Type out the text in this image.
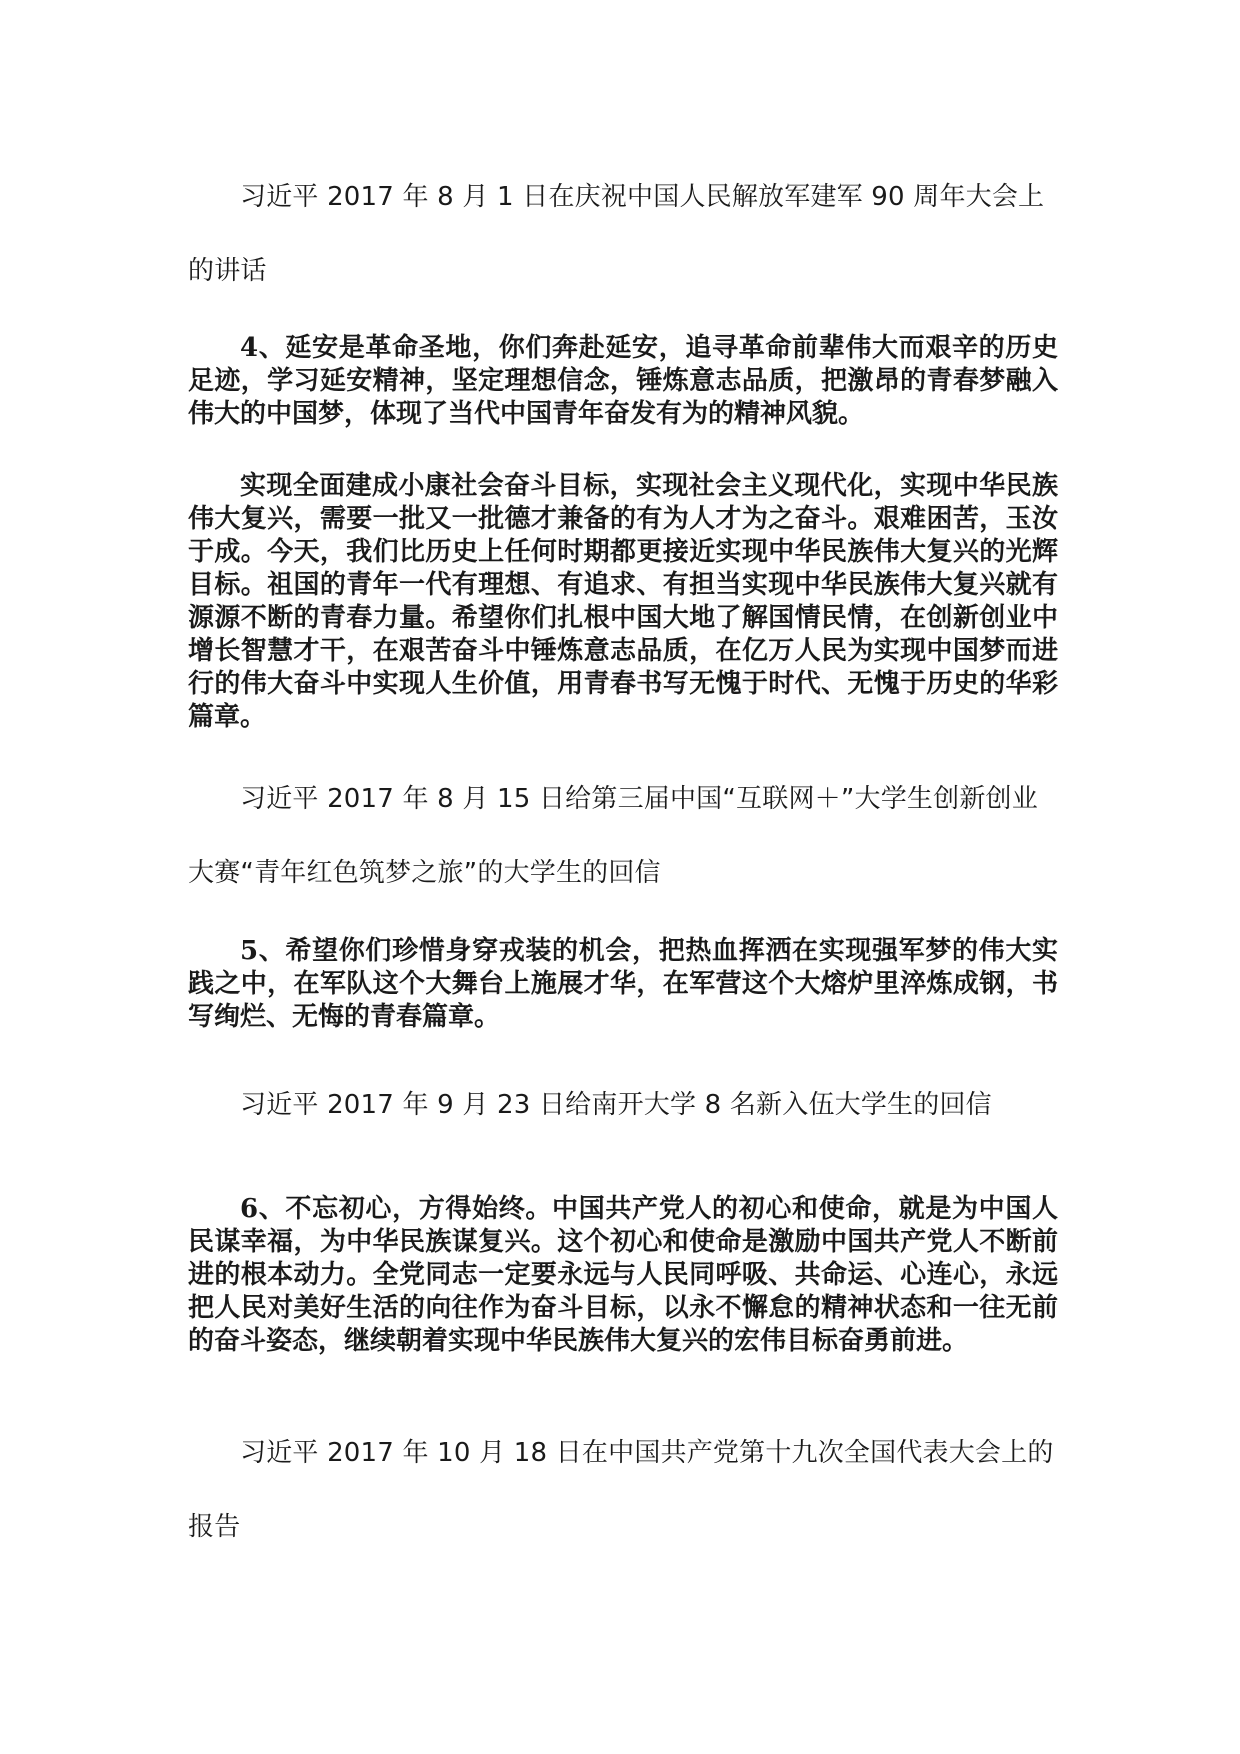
习近平 2017 年 8 月 1 日在庆祝中国人民解放军建军 90 周年大会上的讲话

4、延安是革命圣地，你们奔赴延安，追寻革命前辈伟大而艰辛的历史足迹，学习延安精神，坚定理想信念，锤炼意志品质，把激昂的青春梦融入伟大的中国梦，体现了当代中国青年奋发有为的精神风貌。

实现全面建成小康社会奋斗目标，实现社会主义现代化，实现中华民族伟大复兴，需要一批又一批德才兼备的有为人才为之奋斗。艰难困苦，玉汝于成。今天，我们比历史上任何时期都更接近实现中华民族伟大复兴的光辉目标。祖国的青年一代有理想、有追求、有担当实现中华民族伟大复兴就有源源不断的青春力量。希望你们扎根中国大地了解国情民情，在创新创业中增长智慧才干，在艰苦奋斗中锤炼意志品质，在亿万人民为实现中国梦而进行的伟大奋斗中实现人生价值，用青春书写无愧于时代、无愧于历史的华彩篇章。

习近平 2017 年 8 月 15 日给第三届中国“互联网＋”大学生创新创业大赛“青年红色筑梦之旅”的大学生的回信

5、希望你们珍惜身穿戎装的机会，把热血挥洒在实现强军梦的伟大实践之中，在军队这个大舞台上施展才华，在军营这个大熔炉里淬炼成钢，书写绚烂、无悔的青春篇章。

习近平 2017 年 9 月 23 日给南开大学 8 名新入伍大学生的回信

6、不忘初心，方得始终。中国共产党人的初心和使命，就是为中国人民谋幸福，为中华民族谋复兴。这个初心和使命是激励中国共产党人不断前进的根本动力。全党同志一定要永远与人民同呼吸、共命运、心连心，永远把人民对美好生活的向往作为奋斗目标，以永不懈怠的精神状态和一往无前的奋斗姿态，继续朝着实现中华民族伟大复兴的宏伟目标奋勇前进。

习近平 2017 年 10 月 18 日在中国共产党第十九次全国代表大会上的报告
